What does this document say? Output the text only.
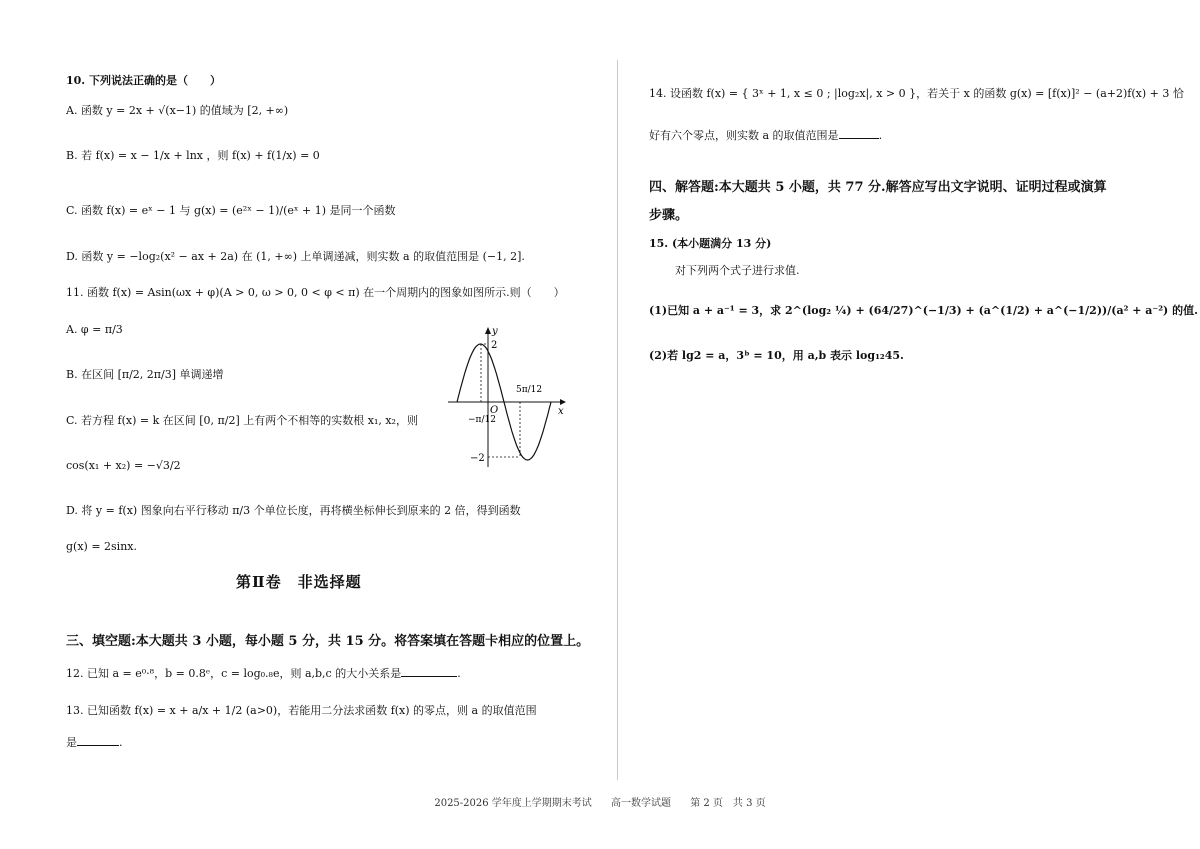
10. 下列说法正确的是（　　）
A. 函数 y = 2x + √(x−1) 的值域为 [2, +∞)
B. 若 f(x) = x − 1/x + lnx ，则 f(x) + f(1/x) = 0
C. 函数 f(x) = eˣ − 1 与 g(x) = (e²ˣ − 1)/(eˣ + 1) 是同一个函数
D. 函数 y = −log₂(x² − ax + 2a) 在 (1, +∞) 上单调递减，则实数 a 的取值范围是 (−1, 2].
11. 函数 f(x) = Asin(ωx + φ)(A > 0, ω > 0, 0 < φ < π) 在一个周期内的图象如图所示.则（　　）
A. φ = π/3
B. 在区间 [π/2, 2π/3] 单调递增
C. 若方程 f(x) = k 在区间 [0, π/2] 上有两个不相等的实数根 x₁, x₂，则
cos(x₁ + x₂) = −√3/2
D. 将 y = f(x) 图象向右平行移动 π/3 个单位长度，再将横坐标伸长到原来的 2 倍，得到函数
g(x) = 2sinx.
y
x
O
2
−2
−π/12
5π/12
第Ⅱ卷　非选择题
三、填空题:本大题共 3 小题，每小题 5 分，共 15 分。将答案填在答题卡相应的位置上。
12. 已知 a = e⁰·⁸，b = 0.8ᵉ，c = log₀.₈e，则 a,b,c 的大小关系是	.
13. 已知函数 f(x) = x + a/x + 1/2 (a>0)，若能用二分法求函数 f(x) 的零点，则 a 的取值范围
是	.
14. 设函数 f(x) = { 3ˣ + 1, x ≤ 0 ; |log₂x|, x > 0 }，若关于 x 的函数 g(x) = [f(x)]² − (a+2)f(x) + 3 恰
好有六个零点，则实数 a 的取值范围是	.
四、解答题:本大题共 5 小题，共 77 分.解答应写出文字说明、证明过程或演算
步骤。
15. (本小题满分 13 分)
对下列两个式子进行求值.
(1)已知 a + a⁻¹ = 3，求 2^(log₂ ¼) + (64/27)^(−1/3) + (a^(1/2) + a^(−1/2))/(a² + a⁻²) 的值.
(2)若 lg2 = a，3ᵇ = 10，用 a,b 表示 log₁₂45.
2025-2026 学年度上学期期末考试 高一数学试题 第 2 页　共 3 页
